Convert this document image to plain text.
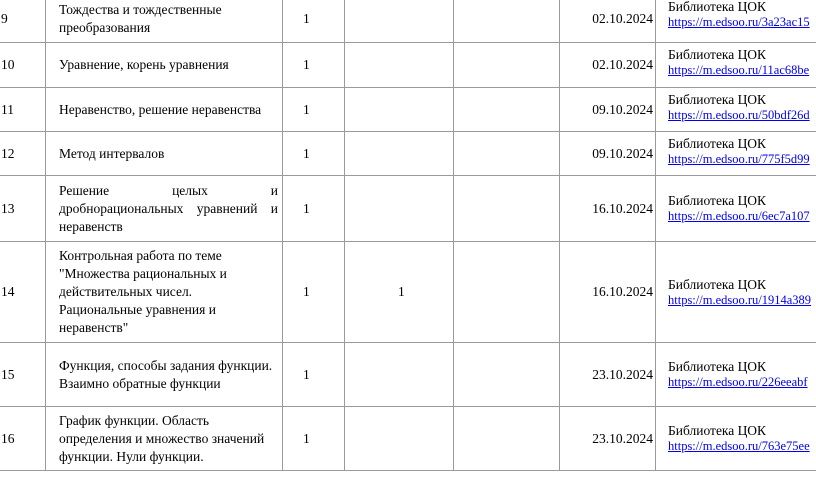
9	Тождества и тождественные преобразования	1			02.10.2024	Библиотека ЦОК
https://m.edsoo.ru/3a23ac15

10	Уравнение, корень уравнения	1			02.10.2024	Библиотека ЦОК
https://m.edsoo.ru/11ac68be

11	Неравенство, решение неравенства	1			09.10.2024	Библиотека ЦОК
https://m.edsoo.ru/50bdf26d

12	Метод интервалов	1			09.10.2024	Библиотека ЦОК
https://m.edsoo.ru/775f5d99

13	Решение целых и дробнорациональных уравнений и неравенств	1			16.10.2024	Библиотека ЦОК
https://m.edsoo.ru/6ec7a107

14	Контрольная работа по теме "Множества рациональных и действительных чисел. Рациональные уравнения и неравенств"	1	1		16.10.2024	Библиотека ЦОК
https://m.edsoo.ru/1914a389

15	Функция, способы задания функции. Взаимно обратные функции	1			23.10.2024	Библиотека ЦОК
https://m.edsoo.ru/226eeabf

16	График функции. Область определения и множество значений функции. Нули функции.	1			23.10.2024	Библиотека ЦОК
https://m.edsoo.ru/763e75ee
